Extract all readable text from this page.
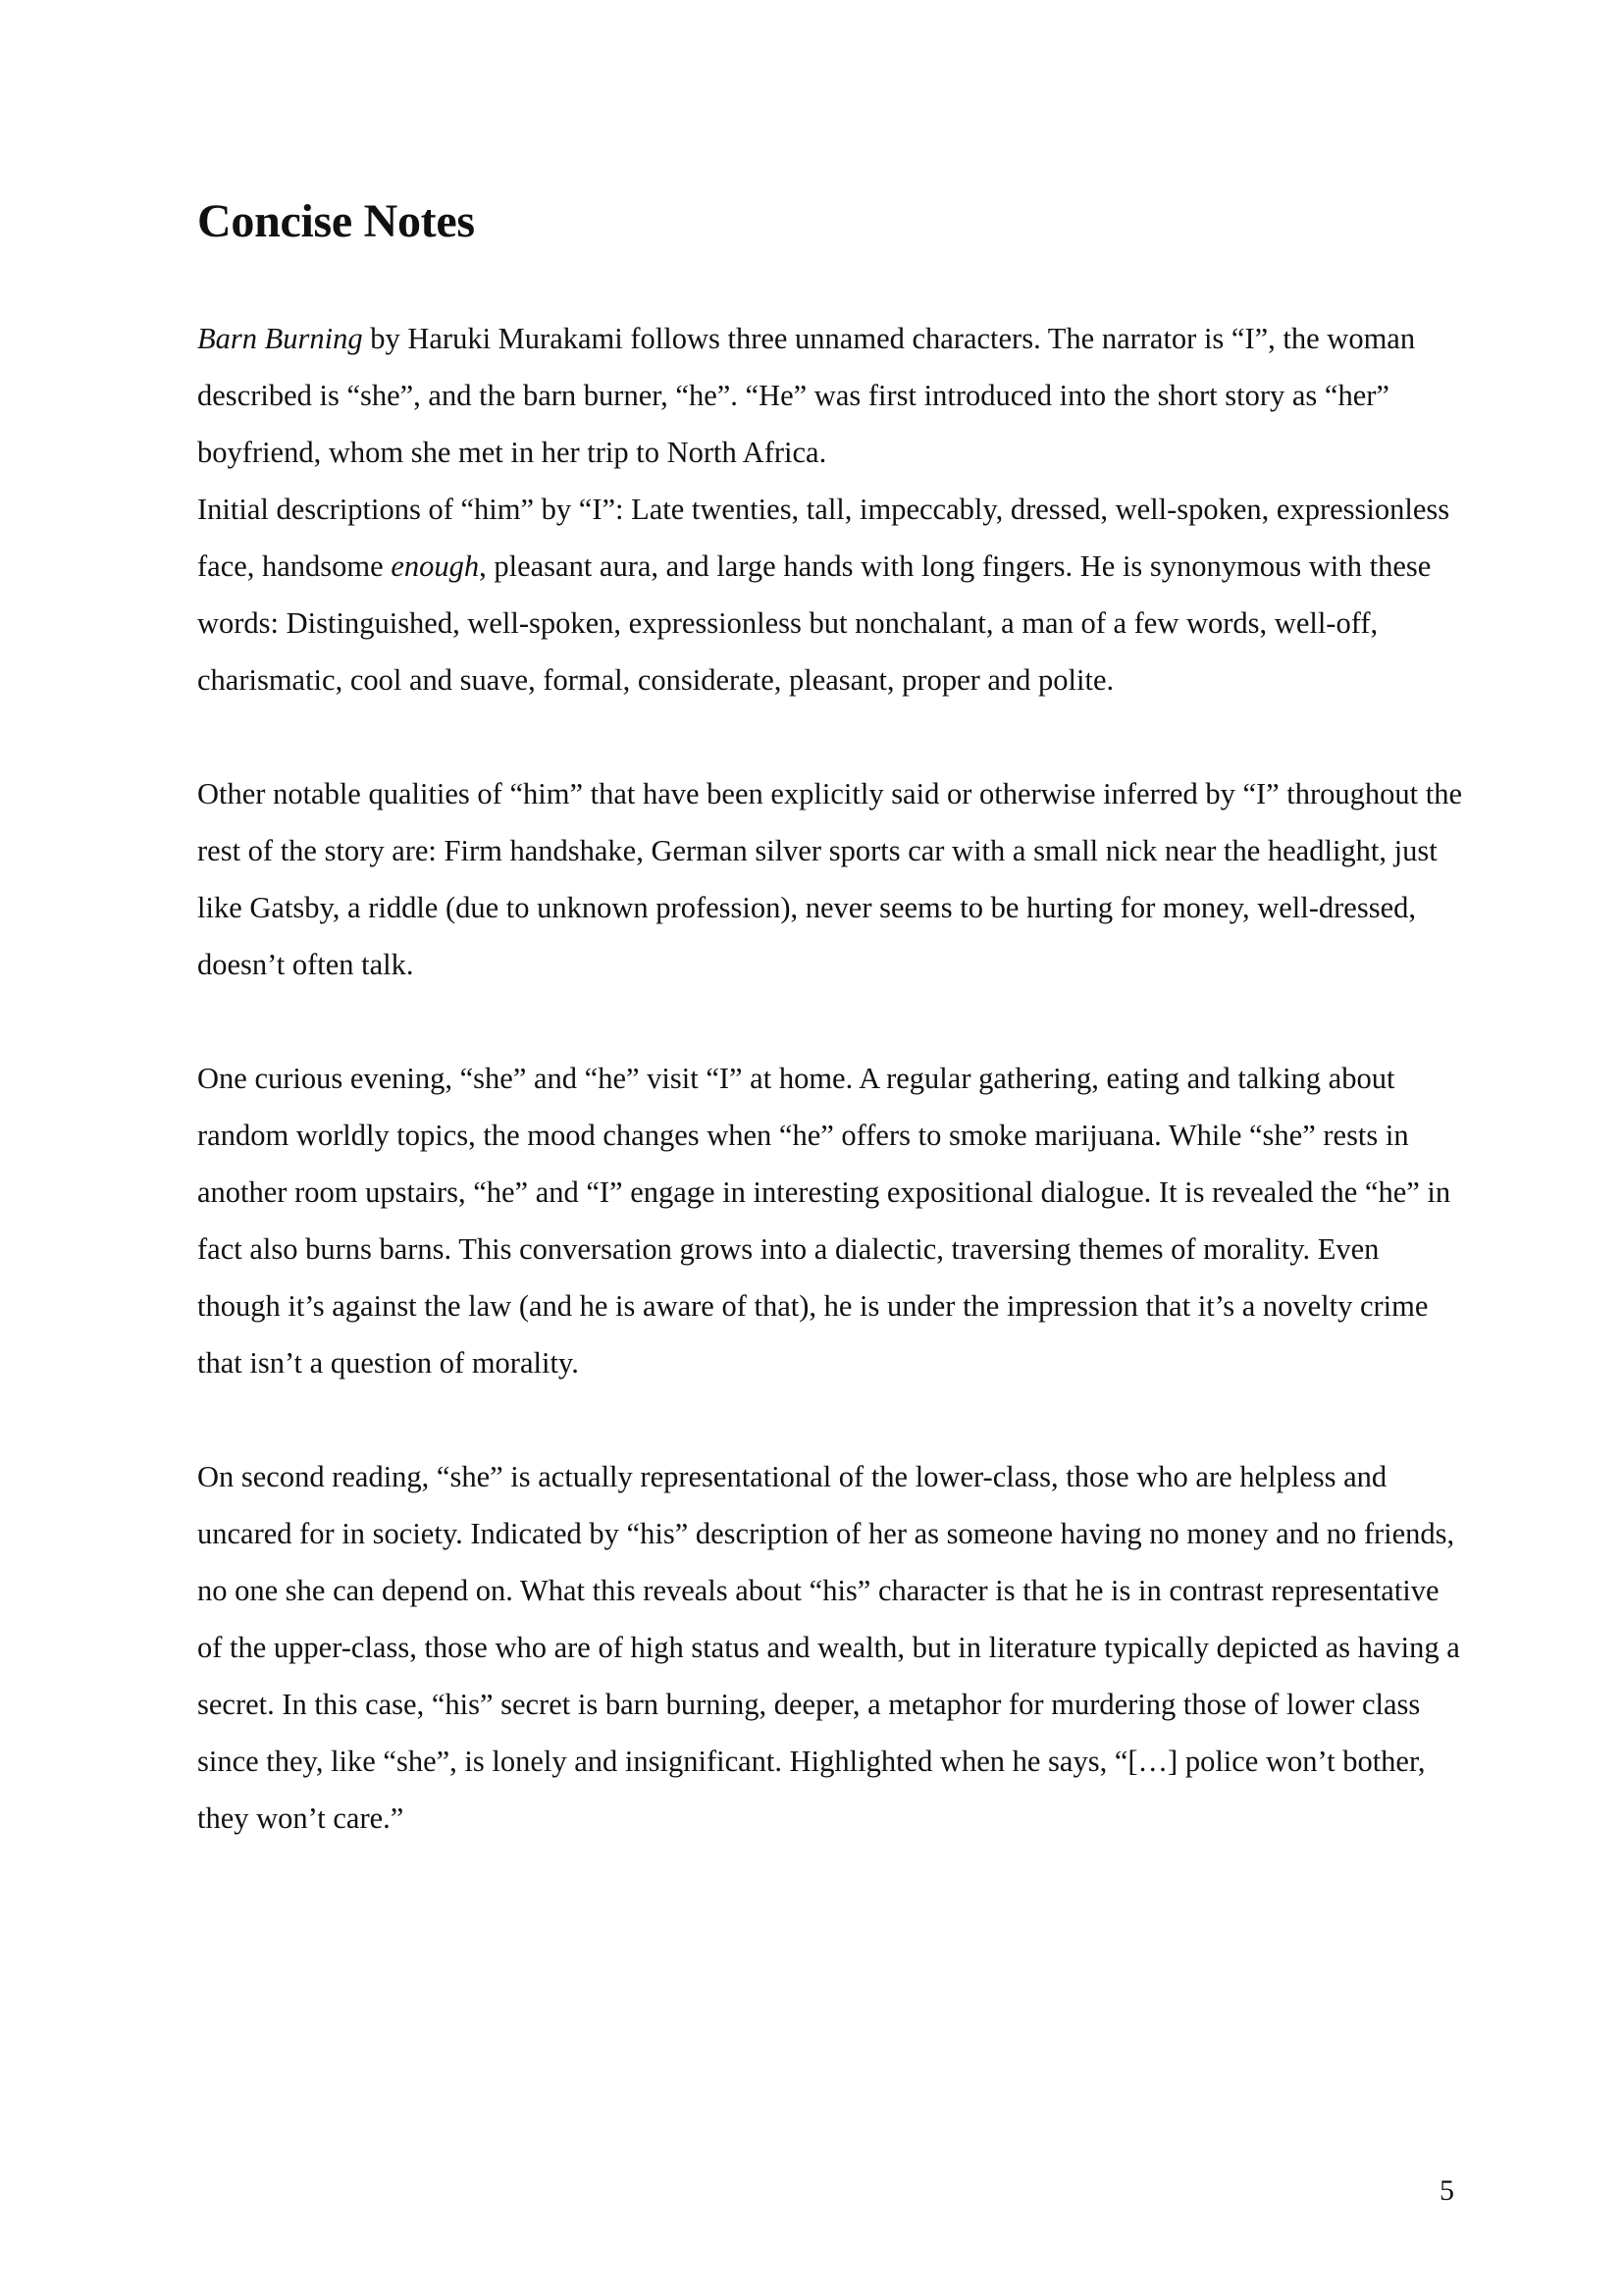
Concise Notes

Barn Burning by Haruki Murakami follows three unnamed characters. The narrator is “I”, the woman described is “she”, and the barn burner, “he”. “He” was first introduced into the short story as “her” boyfriend, whom she met in her trip to North Africa.

Initial descriptions of “him” by “I”: Late twenties, tall, impeccably, dressed, well-spoken, expressionless face, handsome enough, pleasant aura, and large hands with long fingers. He is synonymous with these words: Distinguished, well-spoken, expressionless but nonchalant, a man of a few words, well-off, charismatic, cool and suave, formal, considerate, pleasant, proper and polite.

Other notable qualities of “him” that have been explicitly said or otherwise inferred by “I” throughout the rest of the story are: Firm handshake, German silver sports car with a small nick near the headlight, just like Gatsby, a riddle (due to unknown profession), never seems to be hurting for money, well-dressed, doesn’t often talk.

One curious evening, “she” and “he” visit “I” at home. A regular gathering, eating and talking about random worldly topics, the mood changes when “he” offers to smoke marijuana. While “she” rests in another room upstairs, “he” and “I” engage in interesting expositional dialogue. It is revealed the “he” in fact also burns barns. This conversation grows into a dialectic, traversing themes of morality. Even though it’s against the law (and he is aware of that), he is under the impression that it’s a novelty crime that isn’t a question of morality.

On second reading, “she” is actually representational of the lower-class, those who are helpless and uncared for in society. Indicated by “his” description of her as someone having no money and no friends, no one she can depend on. What this reveals about “his” character is that he is in contrast representative of the upper-class, those who are of high status and wealth, but in literature typically depicted as having a secret. In this case, “his” secret is barn burning, deeper, a metaphor for murdering those of lower class since they, like “she”, is lonely and insignificant. Highlighted when he says, “[…] police won’t bother, they won’t care.”

5
